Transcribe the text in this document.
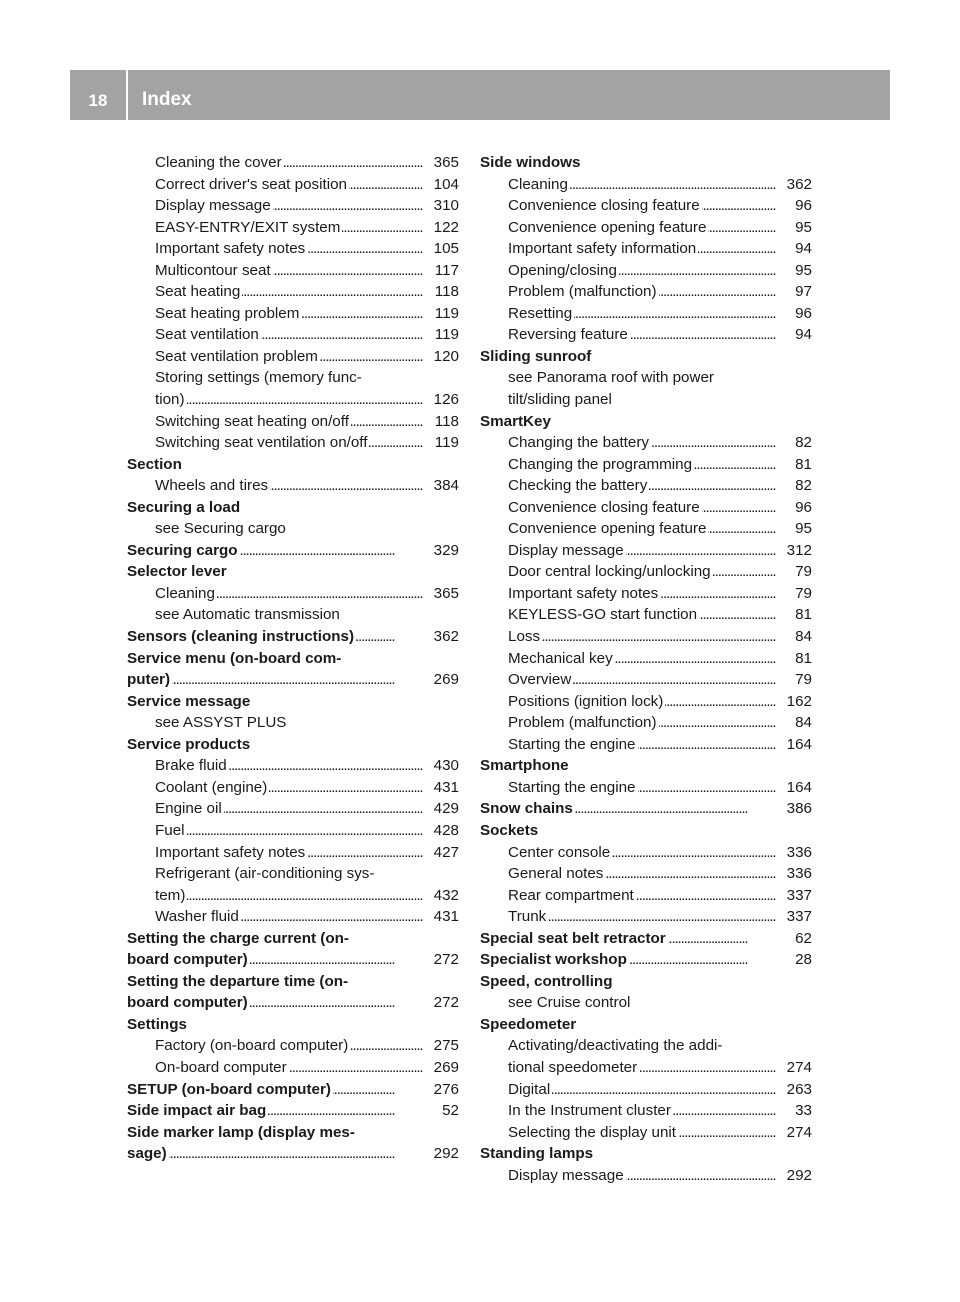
18	Index
Cleaning the cover	365
. . .
Correct driver's seat position	104
. . .
Display message	310
. . .
EASY-ENTRY/EXIT system	122
. . .
Important safety notes	105
. . .
Multicontour seat	117
. . .
Seat heating	118
. . .
Seat heating problem	119
. . .
Seat ventilation	119
. . .
Seat ventilation problem	120
. . .
Storing settings (memory func-
tion)	126
. . .
Switching seat heating on/off	118
. . .
Switching seat ventilation on/off	119
. . .
Section
Wheels and tires	384
. . .
Securing a load
see Securing cargo
Securing cargo	329
. . .
Selector lever
Cleaning	365
. . .
see Automatic transmission
Sensors (cleaning instructions)	362
. . .
Service menu (on-board com-
puter)	269
. . .
Service message
see ASSYST PLUS
Service products
Brake fluid	430
. . .
Coolant (engine)	431
. . .
Engine oil	429
. . .
Fuel	428
. . .
Important safety notes	427
. . .
Refrigerant (air-conditioning sys-
tem)	432
. . .
Washer fluid	431
. . .
Setting the charge current (on-
board computer)	272
. . .
Setting the departure time (on-
board computer)	272
. . .
Settings
Factory (on-board computer)	275
. . .
On-board computer	269
. . .
SETUP (on-board computer)	276
. . .
Side impact air bag	52
. . .
Side marker lamp (display mes-
sage)	292
. . .
Side windows
Cleaning	362
. . .
Convenience closing feature	96
. . .
Convenience opening feature	95
. . .
Important safety information	94
. . .
Opening/closing	95
. . .
Problem (malfunction)	97
. . .
Resetting	96
. . .
Reversing feature	94
. . .
Sliding sunroof
see Panorama roof with power
tilt/sliding panel
SmartKey
Changing the battery	82
. . .
Changing the programming	81
. . .
Checking the battery	82
. . .
Convenience closing feature	96
. . .
Convenience opening feature	95
. . .
Display message	312
. . .
Door central locking/unlocking	79
. . .
Important safety notes	79
. . .
KEYLESS-GO start function	81
. . .
Loss	84
. . .
Mechanical key	81
. . .
Overview	79
. . .
Positions (ignition lock)	162
. . .
Problem (malfunction)	84
. . .
Starting the engine	164
. . .
Smartphone
Starting the engine	164
. . .
Snow chains	386
. . .
Sockets
Center console	336
. . .
General notes	336
. . .
Rear compartment	337
. . .
Trunk	337
. . .
Special seat belt retractor	62
. . .
Specialist workshop	28
. . .
Speed, controlling
see Cruise control
Speedometer
Activating/deactivating the addi-
tional speedometer	274
. . .
Digital	263
. . .
In the Instrument cluster	33
. . .
Selecting the display unit	274
. . .
Standing lamps
Display message	292
. . .
